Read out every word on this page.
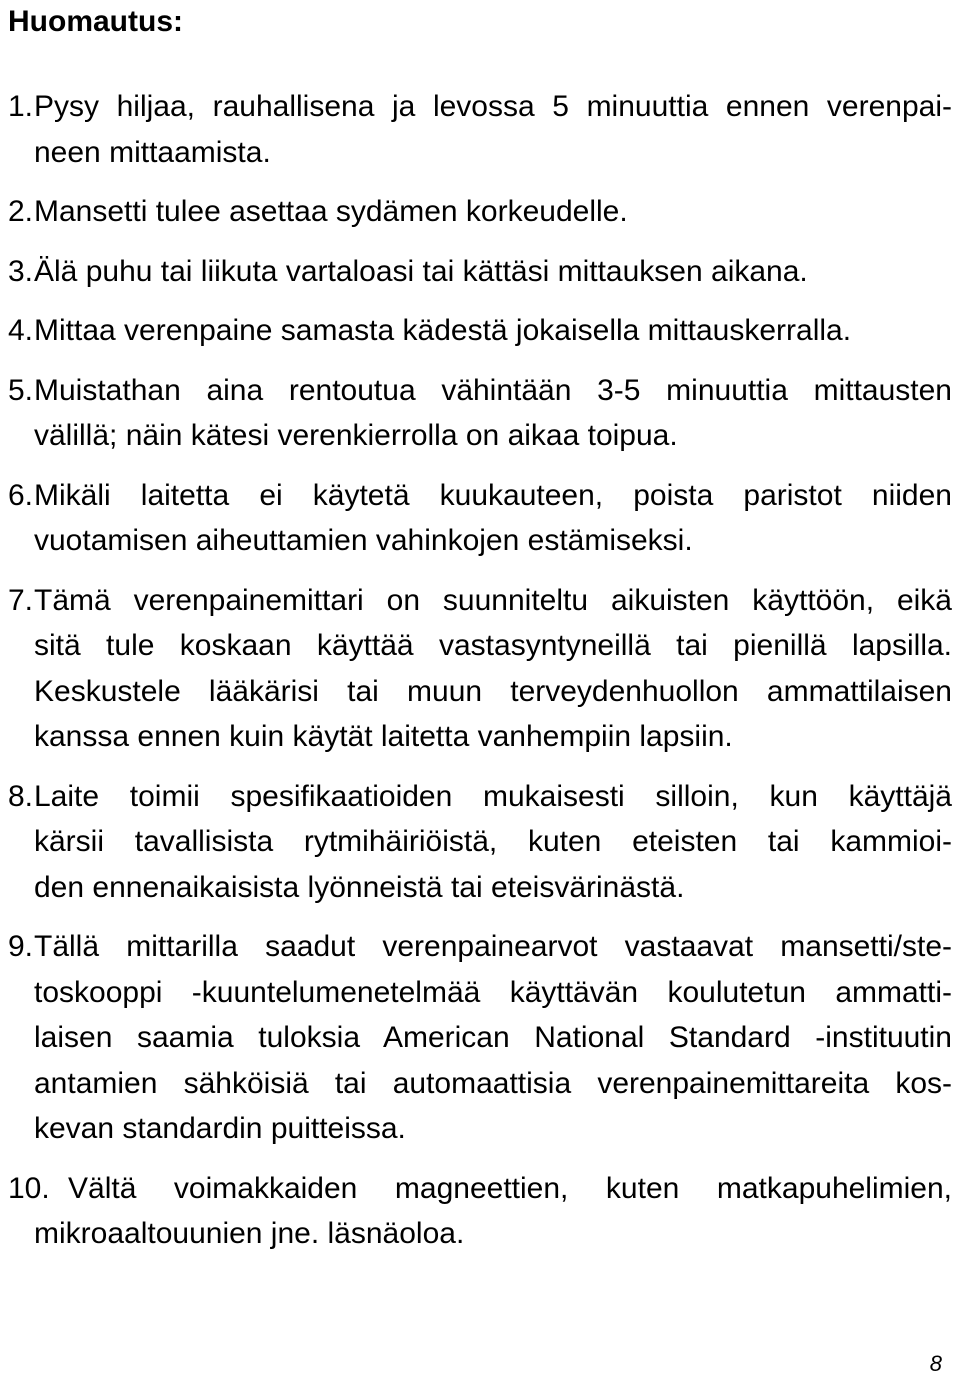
Huomautus:
1. Pysy hiljaa, rauhallisena ja levossa 5 minuuttia ennen verenpai-
neen mittaamista.
2. Mansetti tulee asettaa sydämen korkeudelle.
3. Älä puhu tai liikuta vartaloasi tai kättäsi mittauksen aikana.
4. Mittaa verenpaine samasta kädestä jokaisella mittauskerralla.
5. Muistathan aina rentoutua vähintään 3-5 minuuttia mittausten
välillä; näin kätesi verenkierrolla on aikaa toipua.
6. Mikäli laitetta ei käytetä kuukauteen, poista paristot niiden
vuotamisen aiheuttamien vahinkojen estämiseksi.
7. Tämä verenpainemittari on suunniteltu aikuisten käyttöön, eikä
sitä tule koskaan käyttää vastasyntyneillä tai pienillä lapsilla.
Keskustele lääkärisi tai muun terveydenhuollon ammattilaisen
kanssa ennen kuin käytät laitetta vanhempiin lapsiin.
8. Laite toimii spesifikaatioiden mukaisesti silloin, kun käyttäjä
kärsii tavallisista rytmihäiriöistä, kuten eteisten tai kammioi-
den ennenaikaisista lyönneistä tai eteisvärinästä.
9. Tällä mittarilla saadut verenpainearvot vastaavat mansetti/ste-
toskooppi -kuuntelumenetelmää käyttävän koulutetun ammatti-
laisen saamia tuloksia American National Standard -instituutin
antamien sähköisiä tai automaattisia verenpainemittareita kos-
kevan standardin puitteissa.
10. Vältä voimakkaiden magneettien, kuten matkapuhelimien,
mikroaaltouunien jne. läsnäoloa.
8
